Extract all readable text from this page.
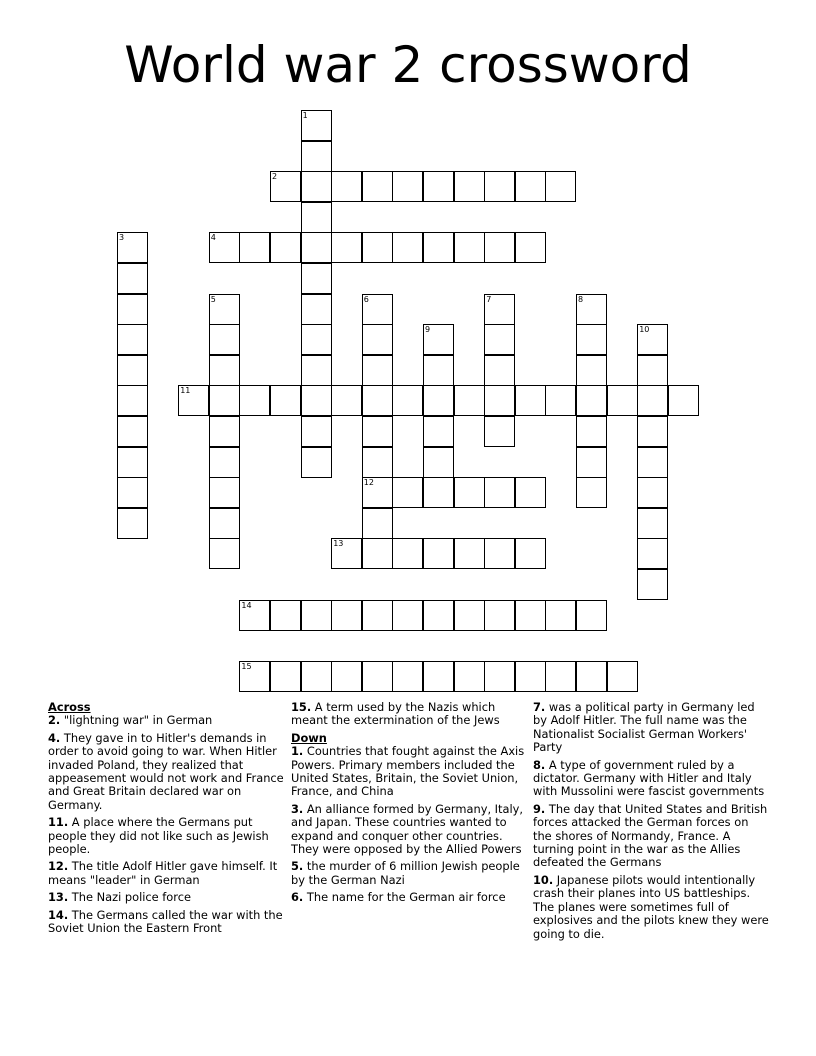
World war 2 crossword
1
2
3	4
5	6
12
7	8
9	10
11
13
14
15
Across

2. "lightning war" in German

4. They gave in to Hitler's demands in order to avoid going to war. When Hitler invaded Poland, they realized that appeasement would not work and France and Great Britain declared war on Germany.

11. A place where the Germans put people they did not like such as Jewish people.

12. The title Adolf Hitler gave himself. It means "leader" in German

13. The Nazi police force

14. The Germans called the war with the Soviet Union the Eastern Front

15. A term used by the Nazis which meant the extermination of the Jews

Down

1. Countries that fought against the Axis Powers. Primary members included the United States, Britain, the Soviet Union, France, and China

3. An alliance formed by Germany, Italy, and Japan. These countries wanted to expand and conquer other countries. They were opposed by the Allied Powers

5. the murder of 6 million Jewish people by the German Nazi

6. The name for the German air force

7. was a political party in Germany led by Adolf Hitler. The full name was the Nationalist Socialist German Workers' Party

8. A type of government ruled by a dictator. Germany with Hitler and Italy with Mussolini were fascist governments

9. The day that United States and British forces attacked the German forces on the shores of Normandy, France. A turning point in the war as the Allies defeated the Germans

10. Japanese pilots would intentionally crash their planes into US battleships. The planes were sometimes full of explosives and the pilots knew they were going to die.
